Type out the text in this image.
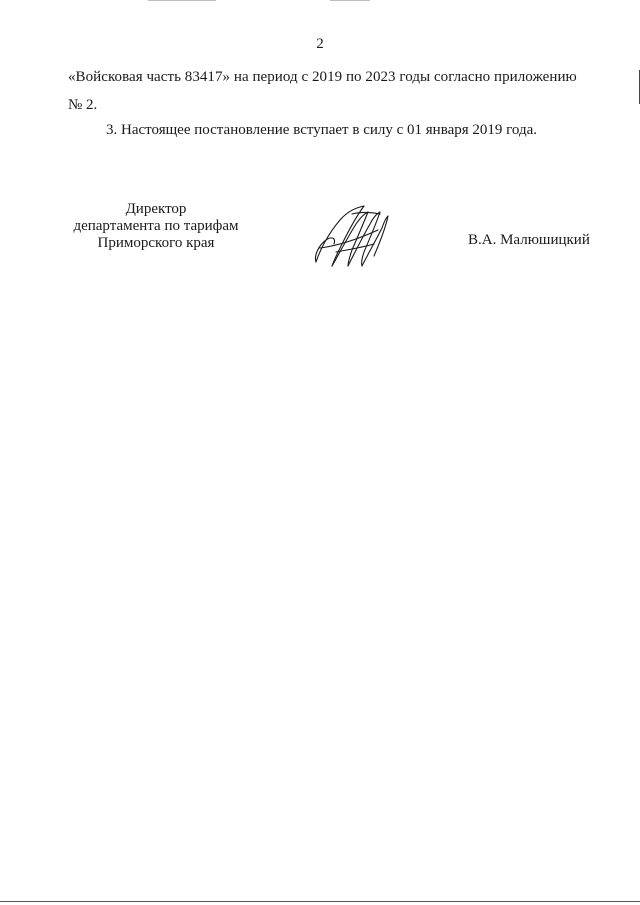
2
«Войсковая часть 83417» на период с 2019 по 2023 годы согласно приложению
№ 2.
3. Настоящее постановление вступает в силу с 01 января 2019 года.
Директор
департамента по тарифам
Приморского края	В.А. Малюшицкий
